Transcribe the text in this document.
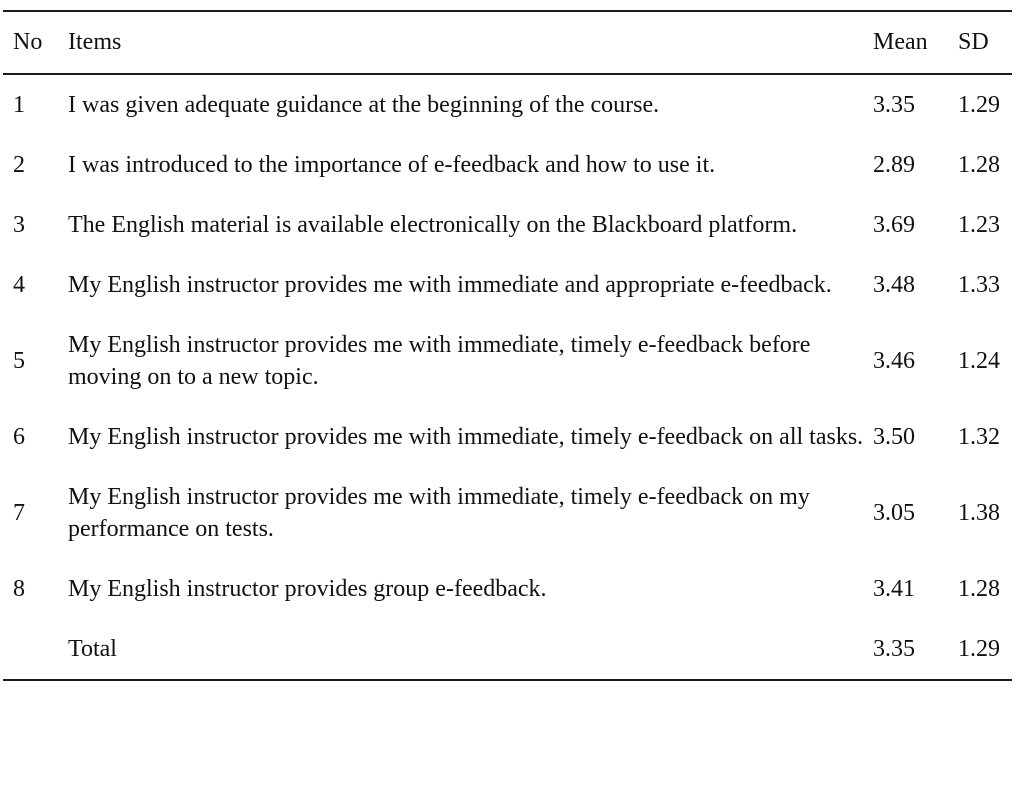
No	Items	Mean	SD
1	I was given adequate guidance at the beginning of the course.	3.35	1.29
2	I was introduced to the importance of e-feedback and how to use it.	2.89	1.28
3	The English material is available electronically on the Blackboard platform.	3.69	1.23
4	My English instructor provides me with immediate and appropriate e-feedback.	3.48	1.33
5	My English instructor provides me with immediate, timely e-feedback before moving on to a new topic.	3.46	1.24
6	My English instructor provides me with immediate, timely e-feedback on all tasks.	3.50	1.32
7	My English instructor provides me with immediate, timely e-feedback on my performance on tests.	3.05	1.38
8	My English instructor provides group e-feedback.	3.41	1.28
	Total	3.35	1.29
